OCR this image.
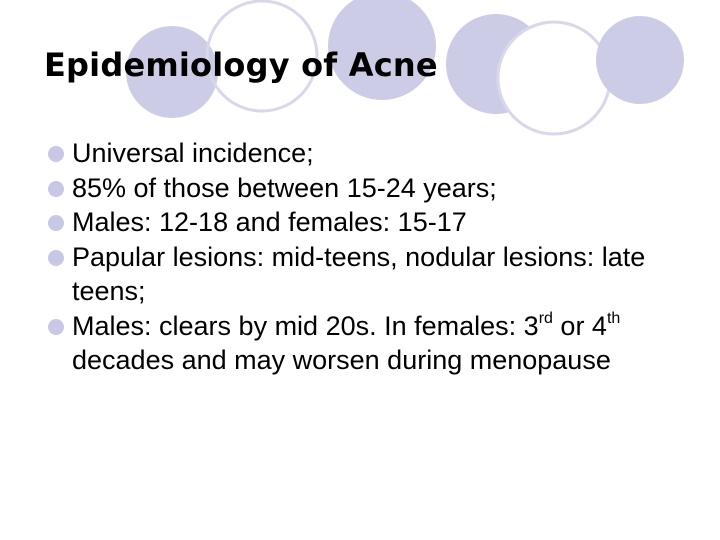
Epidemiology of Acne
Universal incidence;
85% of those between 15-24 years;
Males: 12-18 and females: 15-17
Papular lesions: mid-teens, nodular lesions: late teens;
Males: clears by mid 20s. In females: 3rd or 4th decades and may worsen during menopause
